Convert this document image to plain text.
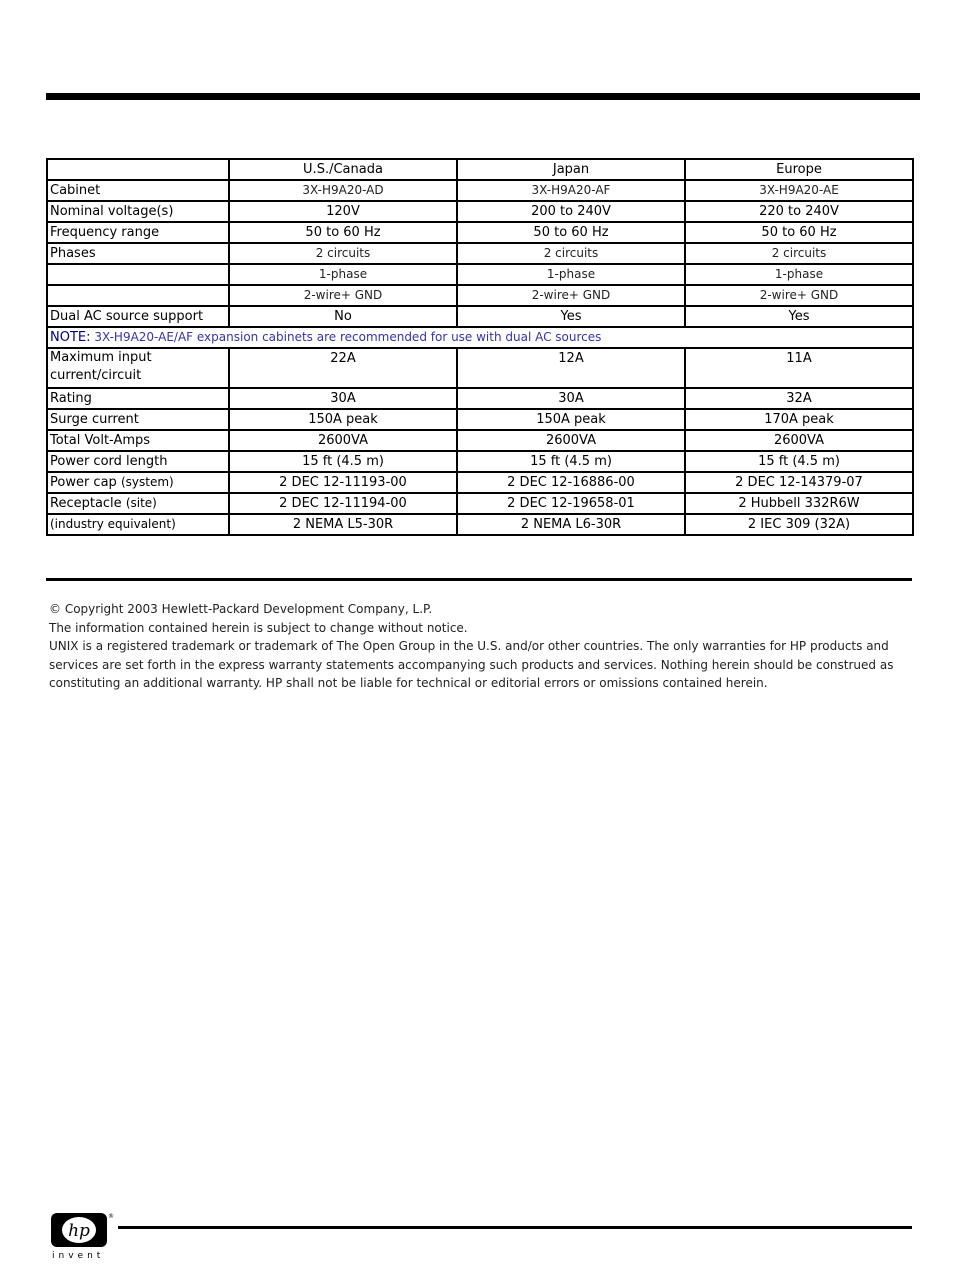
	U.S./Canada	Japan	Europe
Cabinet	3X-H9A20-AD	3X-H9A20-AF	3X-H9A20-AE
Nominal voltage(s)	120V	200 to 240V	220 to 240V
Frequency range	50 to 60 Hz	50 to 60 Hz	50 to 60 Hz
Phases	2 circuits	2 circuits	2 circuits
	1-phase	1-phase	1-phase
	2-wire+ GND	2-wire+ GND	2-wire+ GND
Dual AC source support	No	Yes	Yes
NOTE: 3X-H9A20-AE/AF expansion cabinets are recommended for use with dual AC sources			
Maximum input current/circuit	22A	12A	11A
Rating	30A	30A	32A
Surge current	150A peak	150A peak	170A peak
Total Volt-Amps	2600VA	2600VA	2600VA
Power cord length	15 ft (4.5 m)	15 ft (4.5 m)	15 ft (4.5 m)
Power cap (system)	2 DEC 12-11193-00	2 DEC 12-16886-00	2 DEC 12-14379-07
Receptacle (site)	2 DEC 12-11194-00	2 DEC 12-19658-01	2 Hubbell 332R6W
(industry equivalent)	2 NEMA L5-30R	2 NEMA L6-30R	2 IEC 309 (32A)

© Copyright 2003 Hewlett-Packard Development Company, L.P.

The information contained herein is subject to change without notice.

UNIX is a registered trademark or trademark of The Open Group in the U.S. and/or other countries. The only warranties for HP products and services are set forth in the express warranty statements accompanying such products and services. Nothing herein should be construed as constituting an additional warranty. HP shall not be liable for technical or editorial errors or omissions contained herein.

hp
®
invent
